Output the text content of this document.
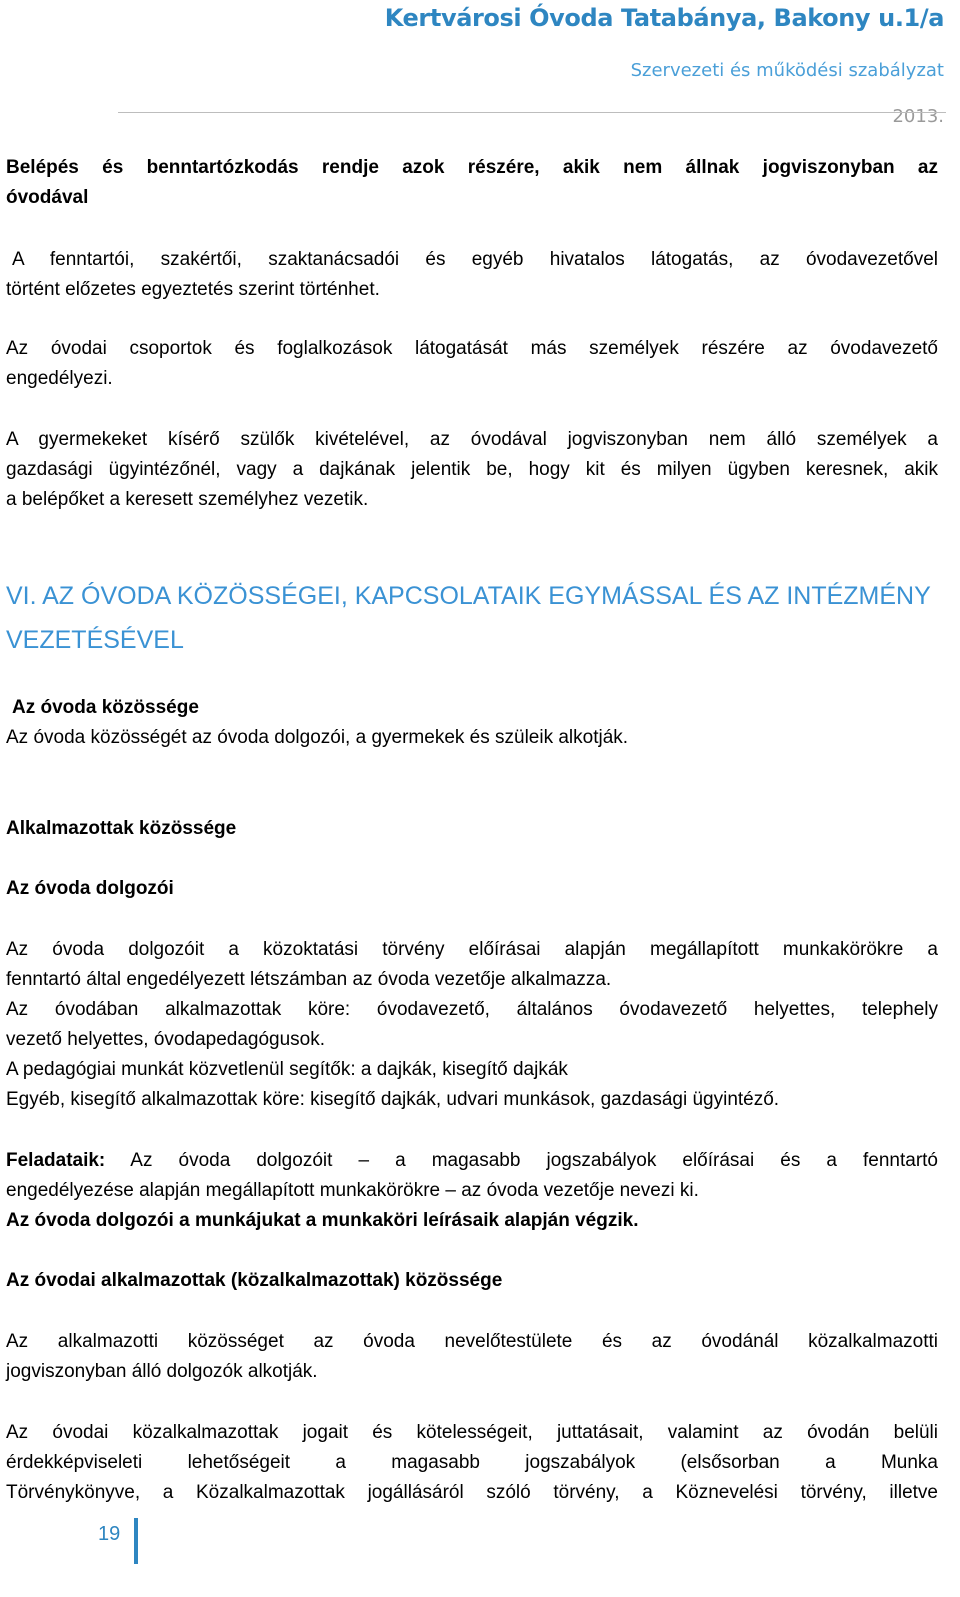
Kertvárosi Óvoda Tatabánya, Bakony u.1/a
Szervezeti és működési szabályzat
2013.
Belépés és benntartózkodás rendje azok részére, akik nem állnak jogviszonyban az
óvodával
A fenntartói, szakértői, szaktanácsadói és egyéb hivatalos látogatás, az óvodavezetővel
történt előzetes egyeztetés szerint történhet.
Az óvodai csoportok és foglalkozások látogatását más személyek részére az óvodavezető
engedélyezi.
A gyermekeket kísérő szülők kivételével, az óvodával jogviszonyban nem álló személyek a
gazdasági ügyintézőnél, vagy a dajkának jelentik be, hogy kit és milyen ügyben keresnek, akik
a belépőket a keresett személyhez vezetik.
VI. AZ ÓVODA KÖZÖSSÉGEI, KAPCSOLATAIK EGYMÁSSAL ÉS AZ INTÉZMÉNY
VEZETÉSÉVEL
Az óvoda közössége
Az óvoda közösségét az óvoda dolgozói, a gyermekek és szüleik alkotják.
Alkalmazottak közössége
Az óvoda dolgozói
Az óvoda dolgozóit a közoktatási törvény előírásai alapján megállapított munkakörökre a
fenntartó által engedélyezett létszámban az óvoda vezetője alkalmazza.
Az óvodában alkalmazottak köre: óvodavezető, általános óvodavezető helyettes, telephely
vezető helyettes, óvodapedagógusok.
A pedagógiai munkát közvetlenül segítők: a dajkák, kisegítő dajkák
Egyéb, kisegítő alkalmazottak köre: kisegítő dajkák, udvari munkások, gazdasági ügyintéző.
Feladataik: Az óvoda dolgozóit – a magasabb jogszabályok előírásai és a fenntartó
engedélyezése alapján megállapított munkakörökre – az óvoda vezetője nevezi ki.
Az óvoda dolgozói a munkájukat a munkaköri leírásaik alapján végzik.
Az óvodai alkalmazottak (közalkalmazottak) közössége
Az alkalmazotti közösséget az óvoda nevelőtestülete és az óvodánál közalkalmazotti
jogviszonyban álló dolgozók alkotják.
Az óvodai közalkalmazottak jogait és kötelességeit, juttatásait, valamint az óvodán belüli
érdekképviseleti lehetőségeit a magasabb jogszabályok (elsősorban a Munka
Törvénykönyve, a Közalkalmazottak jogállásáról szóló törvény, a Köznevelési törvény, illetve
19
